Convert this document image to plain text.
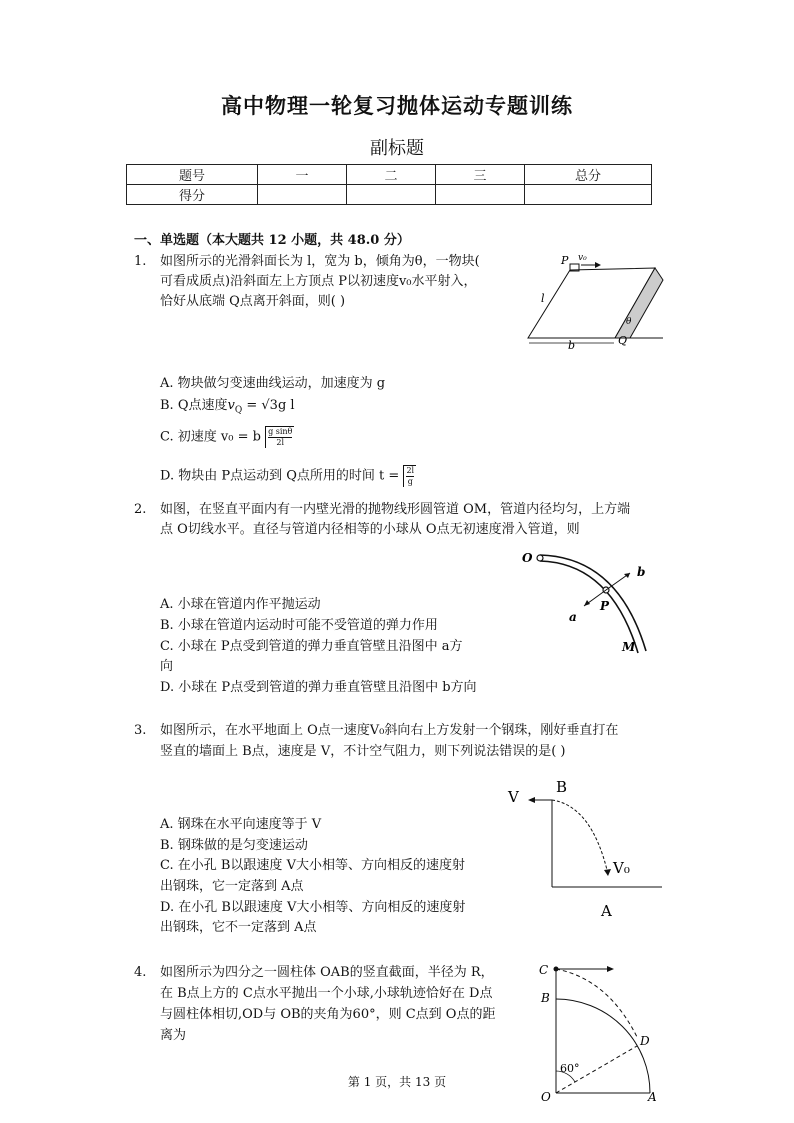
高中物理一轮复习抛体运动专题训练
副标题
题号	一	二	三	总分
得分				
一、单选题（本大题共 12 小题，共 48.0 分）
1. 如图所示的光滑斜面长为 l，宽为 b，倾角为θ，一物块(
可看成质点)沿斜面左上方顶点 P以初速度v₀水平射入，
恰好从底端 Q点离开斜面，则( )
P v₀
l
b	Q
θ
A. 物块做匀变速曲线运动，加速度为 g
B. Q点速度$v_Q = √3g$ l
C. 初速度 v₀ = b $\frac{\text{g sinθ}}{2l}$
D. 物块由 P点运动到 Q点所用的时间 $t = \frac{2l}{g}$
2. 如图，在竖直平面内有一内壁光滑的抛物线形圆管道 OM，管道内径均匀，上方端
点 O切线水平。直径与管道内径相等的小球从 O点无初速度滑入管道，则
O
b
P
a
M
A. 小球在管道内作平抛运动
B. 小球在管道内运动时可能不受管道的弹力作用
C. 小球在 P点受到管道的弹力垂直管壁且沿图中 a方
向
D. 小球在 P点受到管道的弹力垂直管壁且沿图中 b方向
3. 如图所示，在水平地面上 O点一速度V₀斜向右上方发射一个钢珠，刚好垂直打在
竖直的墙面上 B点，速度是 V，不计空气阻力，则下列说法错误的是( )
V
B
V₀
A
A. 钢珠在水平向速度等于 V
B. 钢珠做的是匀变速运动
C. 在小孔 B以跟速度 V大小相等、方向相反的速度射
出钢珠，它一定落到 A点
D. 在小孔 B以跟速度 V大小相等、方向相反的速度射
出钢珠，它不一定落到 A点
4. 如图所示为四分之一圆柱体 OAB的竖直截面，半径为 R，
在 B点上方的 C点水平抛出一个小球,小球轨迹恰好在 D点
与圆柱体相切,OD与 OB的夹角为60°，则 C点到 O点的距
离为
C
B
D
60°
O	A
第 1 页，共 13 页
